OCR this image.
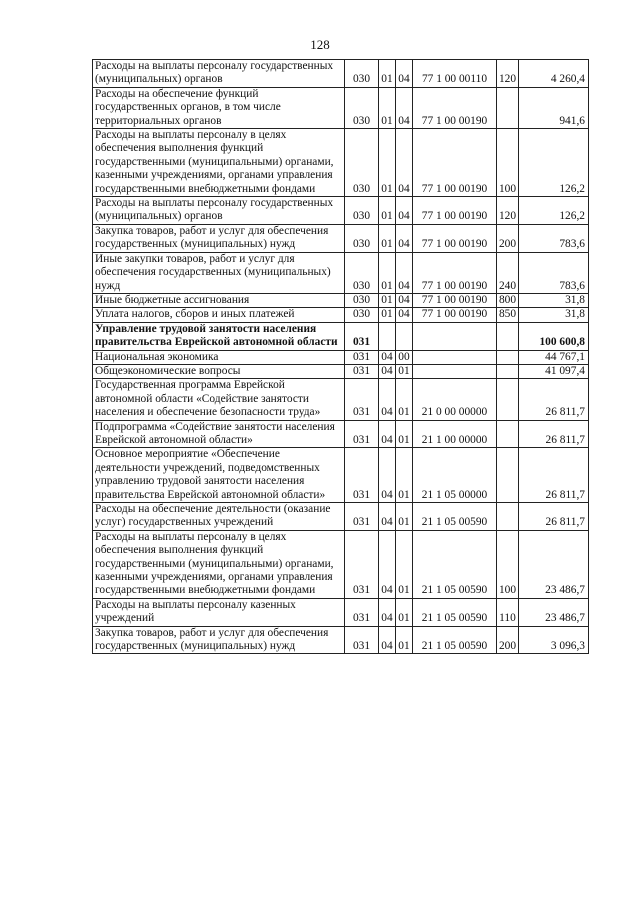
128
Расходы на выплаты персоналу государственных (муниципальных) органов	030	01	04	77 1 00 00110	120	4 260,4
Расходы на обеспечение функций государственных органов, в том числе территориальных органов	030	01	04	77 1 00 00190		941,6
Расходы на выплаты персоналу в целях обеспечения выполнения функций государственными (муниципальными) органами, казенными учреждениями, органами управления государственными внебюджетными фондами	030	01	04	77 1 00 00190	100	126,2
Расходы на выплаты персоналу государственных (муниципальных) органов	030	01	04	77 1 00 00190	120	126,2
Закупка товаров, работ и услуг для обеспечения государственных (муниципальных) нужд	030	01	04	77 1 00 00190	200	783,6
Иные закупки товаров, работ и услуг для обеспечения государственных (муниципальных) нужд	030	01	04	77 1 00 00190	240	783,6
Иные бюджетные ассигнования	030	01	04	77 1 00 00190	800	31,8
Уплата налогов, сборов и иных платежей	030	01	04	77 1 00 00190	850	31,8
Управление трудовой занятости населения правительства Еврейской автономной области	031					100 600,8
Национальная экономика	031	04	00			44 767,1
Общеэкономические вопросы	031	04	01			41 097,4
Государственная программа Еврейской автономной области «Содействие занятости населения и обеспечение безопасности труда»	031	04	01	21 0 00 00000		26 811,7
Подпрограмма «Содействие занятости населения Еврейской автономной области»	031	04	01	21 1 00 00000		26 811,7
Основное мероприятие «Обеспечение деятельности учреждений, подведомственных управлению трудовой занятости населения правительства Еврейской автономной области»	031	04	01	21 1 05 00000		26 811,7
Расходы на обеспечение деятельности (оказание услуг) государственных учреждений	031	04	01	21 1 05 00590		26 811,7
Расходы на выплаты персоналу в целях обеспечения выполнения функций государственными (муниципальными) органами, казенными учреждениями, органами управления государственными внебюджетными фондами	031	04	01	21 1 05 00590	100	23 486,7
Расходы на выплаты персоналу казенных учреждений	031	04	01	21 1 05 00590	110	23 486,7
Закупка товаров, работ и услуг для обеспечения государственных (муниципальных) нужд	031	04	01	21 1 05 00590	200	3 096,3
